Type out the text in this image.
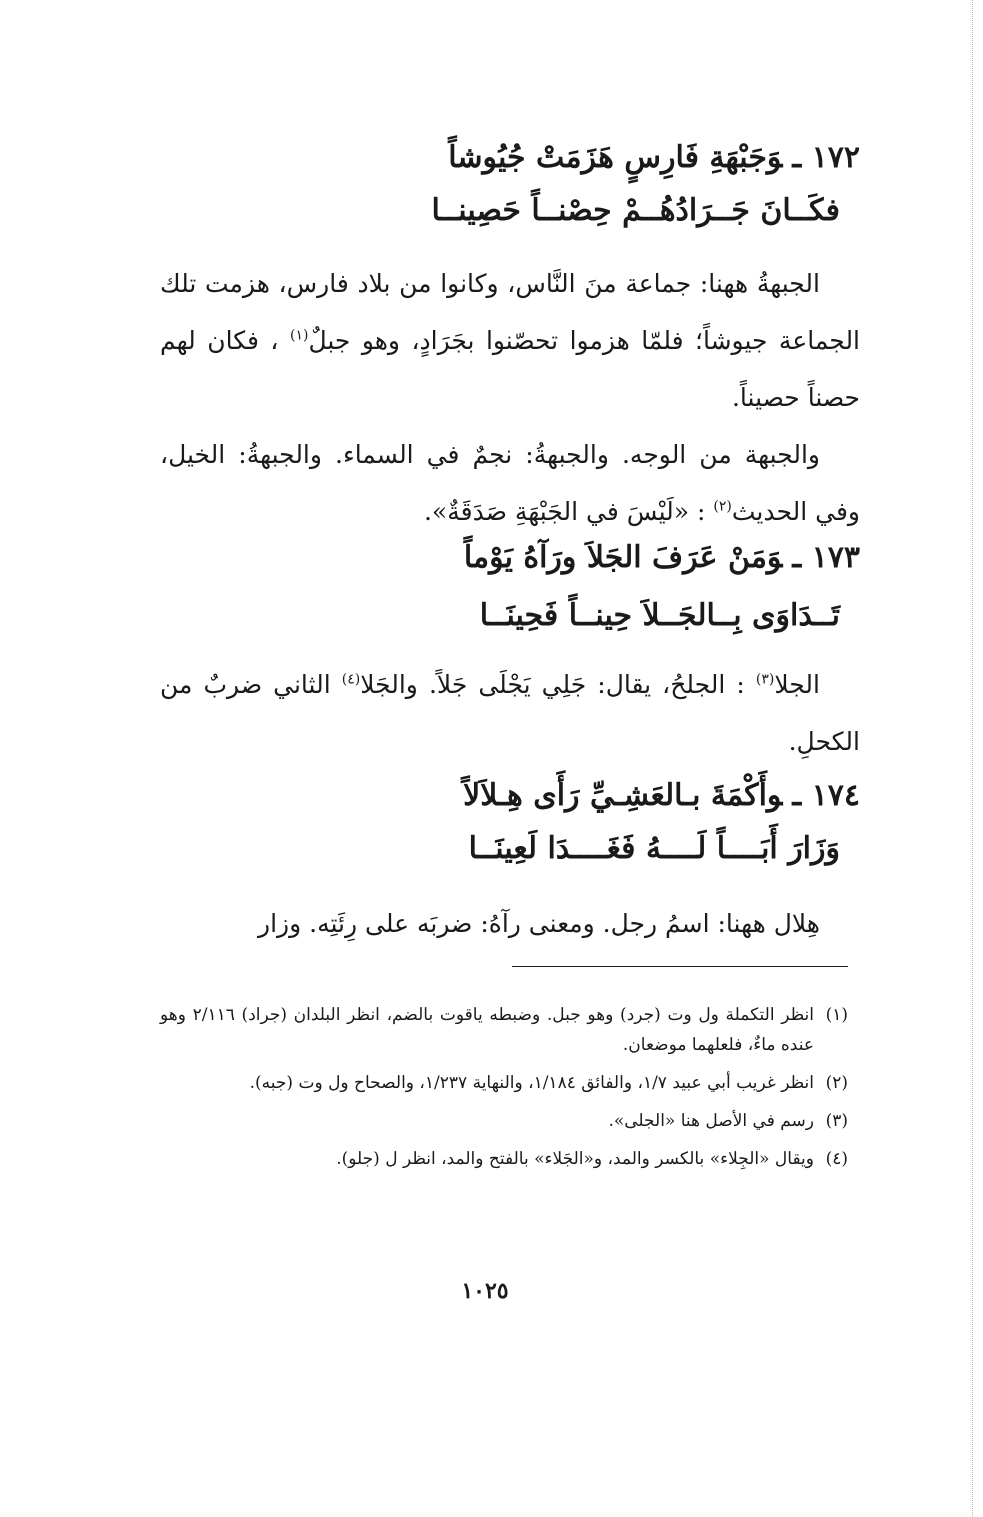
١٧٢ ـوَجَبْهَةِ فَارِسٍ هَزَمَتْ جُيُوشاً
فكَــانَ جَــرَادُهُــمْ حِصْنــاً حَصِينــا

الجبهةُ ههنا: جماعة منَ النَّاس، وكانوا من بلاد فارس، هزمت تلك الجماعة جيوشاً؛ فلمّا هزموا تحصّنوا بجَرَادٍ، وهو جبلٌ$^{(١)}$ ، فكان لهم حصناً حصيناً.

والجبهة من الوجه. والجبهةُ: نجمٌ في السماء. والجبهةُ: الخيل، وفي الحديث$^{(٢)}$ : «لَيْسَ في الجَبْهَةِ صَدَقَةٌ».

١٧٣ ـوَمَنْ عَرَفَ الجَلاَ ورَآهُ يَوْماً
تَــدَاوَى بِــالجَــلاَ حِينــاً فَحِينَــا

الجلا$^{(٣)}$ : الجلحُ، يقال: جَلِي يَجْلَى جَلاً. والجَلا$^{(٤)}$ الثاني ضربٌ من الكحلِ.

١٧٤ ـوأَكْمَةَ بـالعَشِـيِّ رَأَى هِـلاَلاً
وَزَارَ أَبَــــاً لَــــهُ فَغَــــدَا لَعِينَــا

هِلال ههنا: اسمُ رجل. ومعنى رآهُ: ضربَه على رِئَتِه. وزار

(١)
انظر التكملة ول وت (جرد) وهو جبل. وضبطه ياقوت بالضم، انظر البلدان (جراد) ٢/١١٦ وهو عنده ماءٌ، فلعلهما موضعان.

(٢)
انظر غريب أبي عبيد ١/٧، والفائق ١/١٨٤، والنهاية ١/٢٣٧، والصحاح ول وت (جبه).

(٣)
رسم في الأصل هنا «الجلى».

(٤)
ويقال «الجِلاء» بالكسر والمد، و«الجَلاء» بالفتح والمد، انظر ل (جلو).

١٠٢٥
